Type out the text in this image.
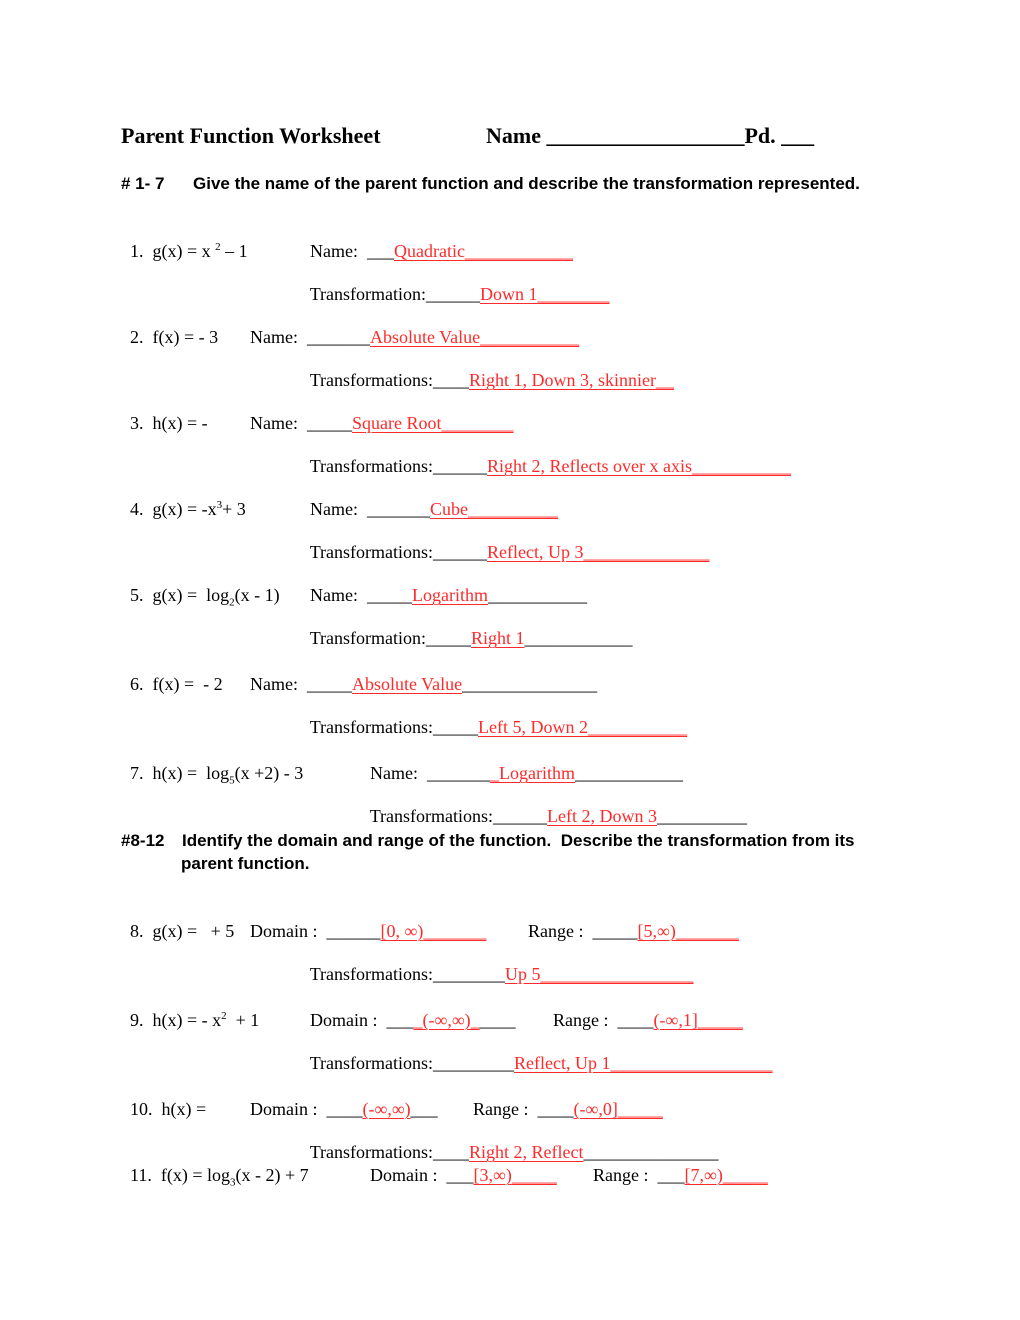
Parent Function Worksheet	Name __________________Pd. ___
# 1- 7 Give the name of the parent function and describe the transformation represented.

1. g(x) = x $^2$ – 1	Name:  ___Quadratic____________

Transformation:______Down 1________

2. f(x) = - 3	Name:  _______Absolute Value___________

Transformations:____Right 1, Down 3, skinnier__

3. h(x) = -	Name:  _____Square Root________

Transformations:______Right 2, Reflects over x axis___________

4. $g(x) = -x^3+ 3$	Name:  _______Cube__________

Transformations:______Reflect, Up 3______________

5. $g(x) = \log_2(x - 1)$	Name:  _____Logarithm___________

Transformation:_____Right 1____________

6. f(x) =  - 2	Name:  _____Absolute Value_______________

Transformations:_____Left 5, Down 2___________

7. $h(x) = \log_5(x +2) - 3$	Name:  ________Logarithm____________

Transformations:______Left 2, Down 3__________

#8-12 Identify the domain and range of the function.  Describe the transformation from its
parent function.

8. g(x) =   + 5 Domain :  ______[0, ∞)_______	Range :  _____[5,∞)_______

Transformations:________Up 5_________________

9. h(x) = - $x^2 + 1$	Domain :  ____(-∞,∞)_____	Range :  ____(-∞,1]_____

Transformations:_________Reflect, Up 1__________________

10. h(x) =	Domain :  ____(-∞,∞)___	Range :  ____(-∞,0]_____

Transformations:____Right 2, Reflect_______________

11. $f(x) = \log_3(x - 2) + 7$	Domain :  ___[3,∞)_____	Range :  ___[7,∞)_____
